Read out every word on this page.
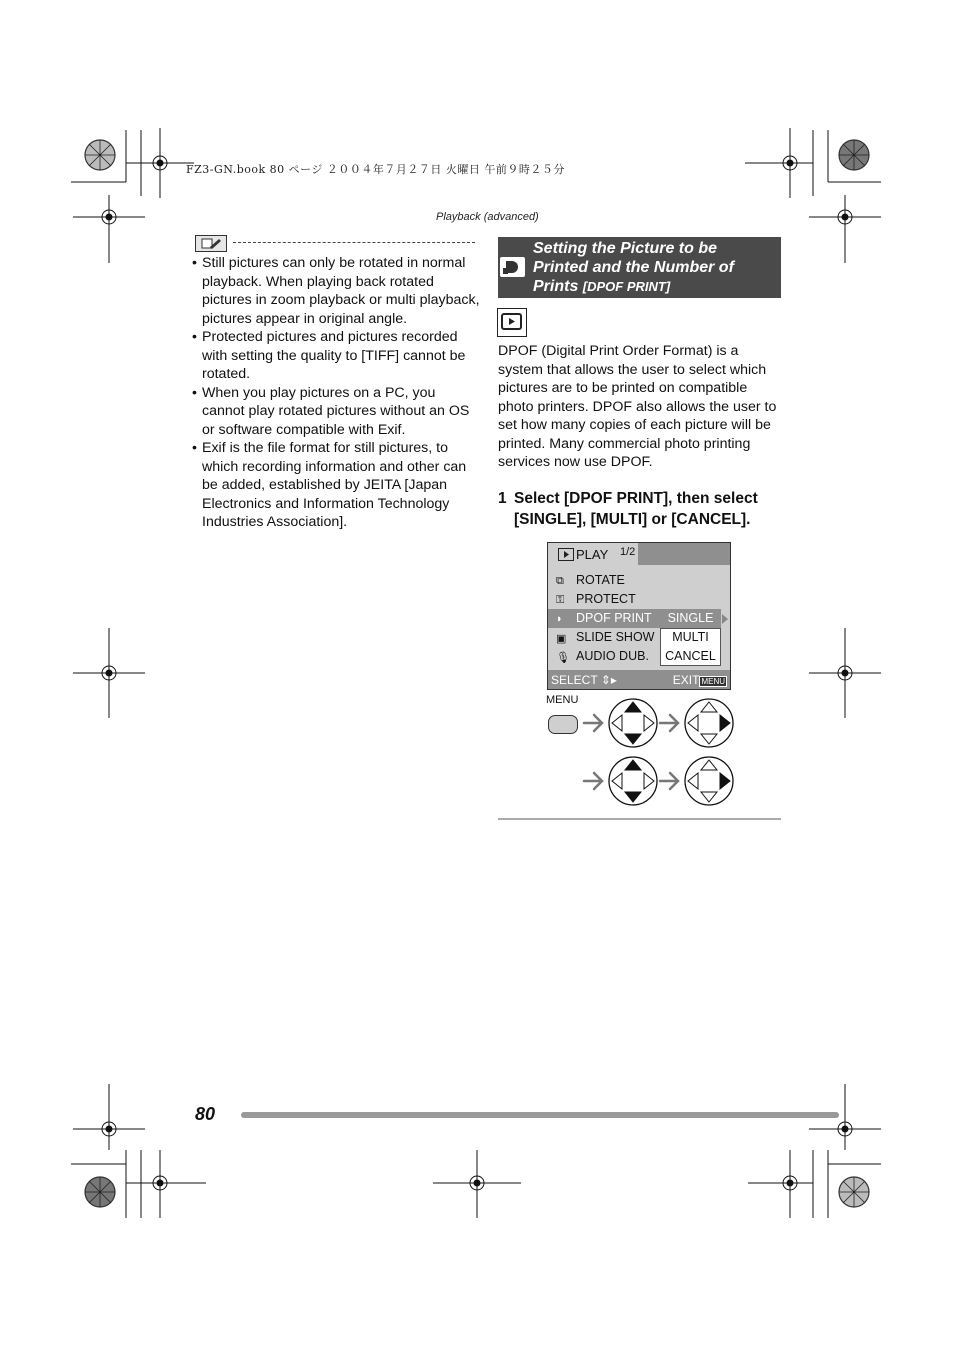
FZ3-GN.book 80 ページ ２００４年７月２７日 火曜日 午前９時２５分
Playback (advanced)
• Still pictures can only be rotated in normal playback. When playing back rotated pictures in zoom playback or multi playback, pictures appear in original angle.
• Protected pictures and pictures recorded with setting the quality to [TIFF] cannot be rotated.
• When you play pictures on a PC, you cannot play rotated pictures without an OS or software compatible with Exif.
• Exif is the file format for still pictures, to which recording information and other can be added, established by JEITA [Japan Electronics and Information Technology Industries Association].
Setting the Picture to be Printed and the Number of Prints [DPOF PRINT]

DPOF (Digital Print Order Format) is a system that allows the user to select which pictures are to be printed on compatible photo printers. DPOF also allows the user to set how many copies of each picture will be printed. Many commercial photo printing services now use DPOF.

1 Select [DPOF PRINT], then select [SINGLE], [MULTI] or [CANCEL].
PLAY 1/2
⧉ ROTATE
⚿ PROTECT
◗ DPOF PRINT
▣ SLIDE SHOW
🎙 AUDIO DUB.
SINGLE
MULTI
CANCEL
SELECT ⇕▸	EXIT MENU
MENU
80
